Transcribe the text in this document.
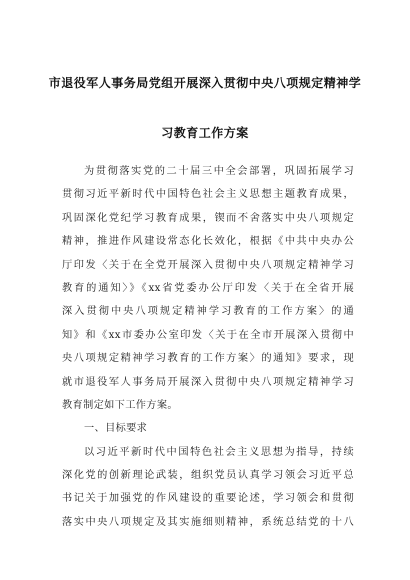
市退役军人事务局党组开展深入贯彻中央八项规定精神学
习教育工作方案
为贯彻落实党的二十届三中全会部署，巩固拓展学习
贯彻习近平新时代中国特色社会主义思想主题教育成果，
巩固深化党纪学习教育成果，锲而不舍落实中央八项规定
精神，推进作风建设常态化长效化，根据《中共中央办公
厅印发〈关于在全党开展深入贯彻中央八项规定精神学习
教育的通知〉》《xx省党委办公厅印发〈关于在全省开展
深入贯彻中央八项规定精神学习教育的工作方案〉的通
知》和《xx市委办公室印发〈关于在全市开展深入贯彻中
央八项规定精神学习教育的工作方案〉的通知》要求，现
就市退役军人事务局开展深入贯彻中央八项规定精神学习
教育制定如下工作方案。
一、目标要求
以习近平新时代中国特色社会主义思想为指导，持续
深化党的创新理论武装，组织党员认真学习领会习近平总
书记关于加强党的作风建设的重要论述，学习领会和贯彻
落实中央八项规定及其实施细则精神，系统总结党的十八
